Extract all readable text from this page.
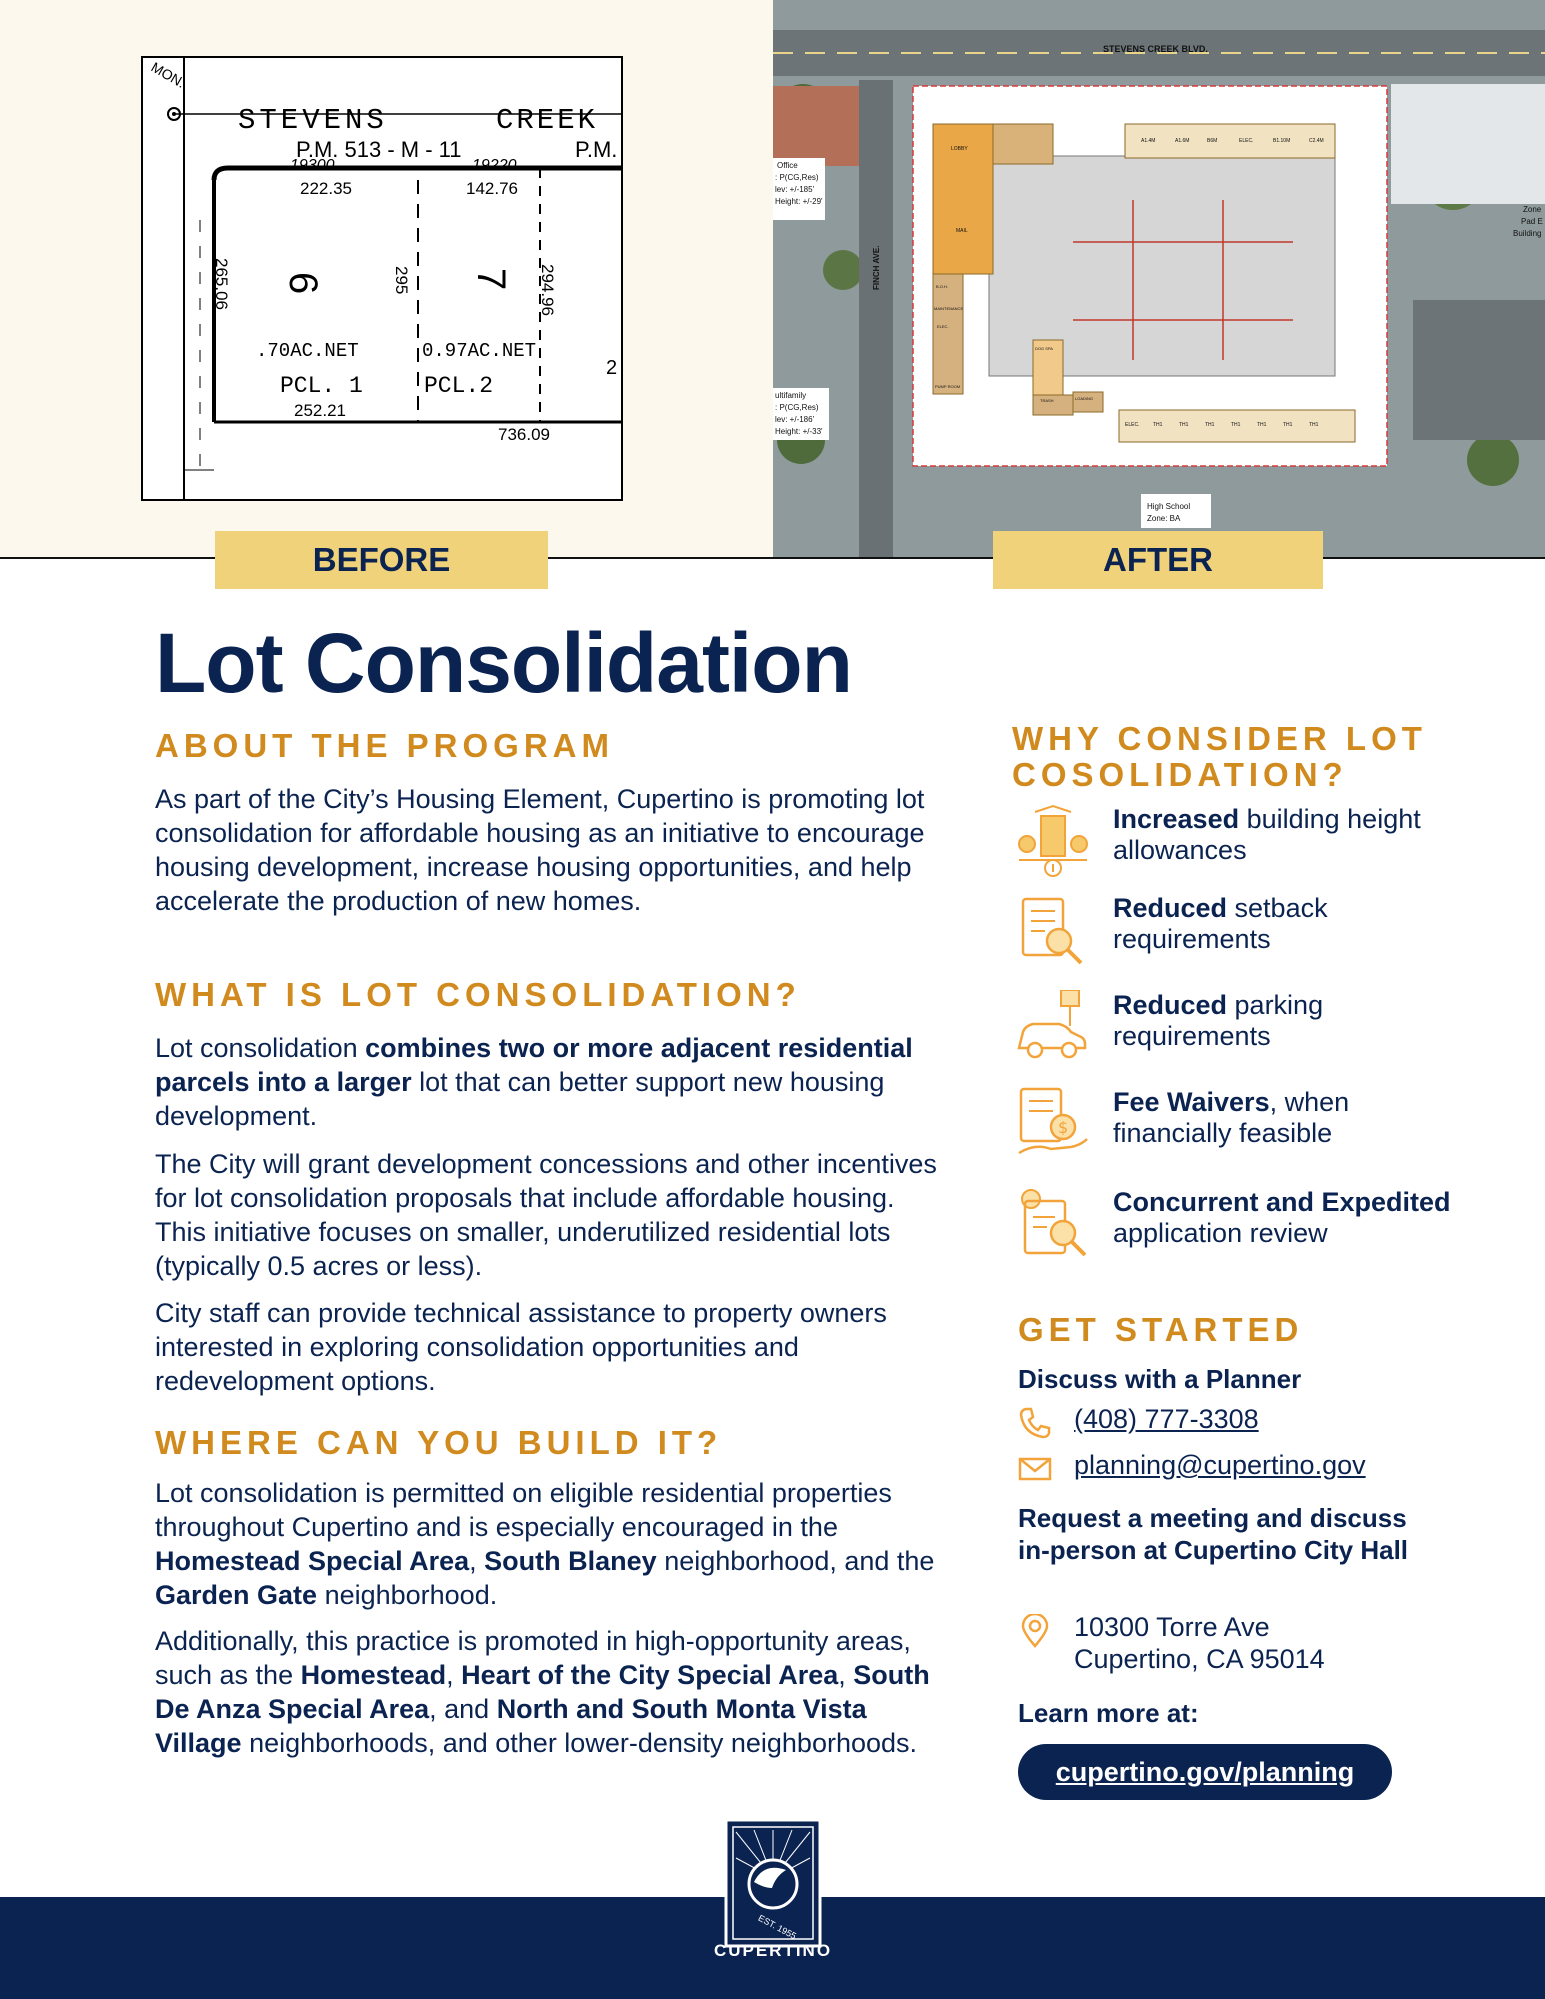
STEVENS	CREEK
P.M. 513 - M - 11	P.M.
19300	19220
MON.
222.35	142.76
265.06	295	294.96
6	7
.70AC.NET	0.97AC.NET
PCL. 1	PCL.2
252.21
736.09
2
STEVENS CREEK BLVD.
FINCH AVE.
LOBBY
MAIL
B.O.H.
MAINTENANCE
ELEC.
PUMP ROOM
DOG SPA
TRASH	LOADING
A1.4M	A1.6M	B6M	ELEC.	B1.10M	C2.4M
ELEC.	TH1	TH1	TH1	TH1	TH1	TH1	TH1
Office
: P(CG,Res)
lev: +/-185'
Height: +/-29'
ultifamily
: P(CG,Res)
lev: +/-186'
Height: +/-33'
High School
Zone: BA
Zone
Pad E
Building
BEFORE	AFTER
Lot Consolidation
ABOUT THE PROGRAM
As part of the City’s Housing Element, Cupertino is promoting lot consolidation for affordable housing as an initiative to encourage housing development, increase housing opportunities, and help accelerate the production of new homes.
WHAT IS LOT CONSOLIDATION?
Lot consolidation combines two or more adjacent residential parcels into a larger lot that can better support new housing development.
The City will grant development concessions and other incentives for lot consolidation proposals that include affordable housing. This initiative focuses on smaller, underutilized residential lots (typically 0.5 acres or less).
City staff can provide technical assistance to property owners interested in exploring consolidation opportunities and redevelopment options.
WHERE CAN YOU BUILD IT?
Lot consolidation is permitted on eligible residential properties throughout Cupertino and is especially encouraged in the Homestead Special Area, South Blaney neighborhood, and the Garden Gate neighborhood.
Additionally, this practice is promoted in high-opportunity areas, such as the Homestead, Heart of the City Special Area, South De Anza Special Area, and North and South Monta Vista Village neighborhoods, and other lower-density neighborhoods.
WHY CONSIDER LOT COSOLIDATION?
Increased building height allowances
Reduced setback requirements
Reduced parking requirements
$
Fee Waivers, when financially feasible
Concurrent and Expedited application review
GET STARTED
Discuss with a Planner
(408) 777-3308
planning@cupertino.gov
Request a meeting and discuss in-person at Cupertino City Hall
10300 Torre Ave
Cupertino, CA 95014
Learn more at:
cupertino.gov/planning
EST. 1955
CUPERTINO
